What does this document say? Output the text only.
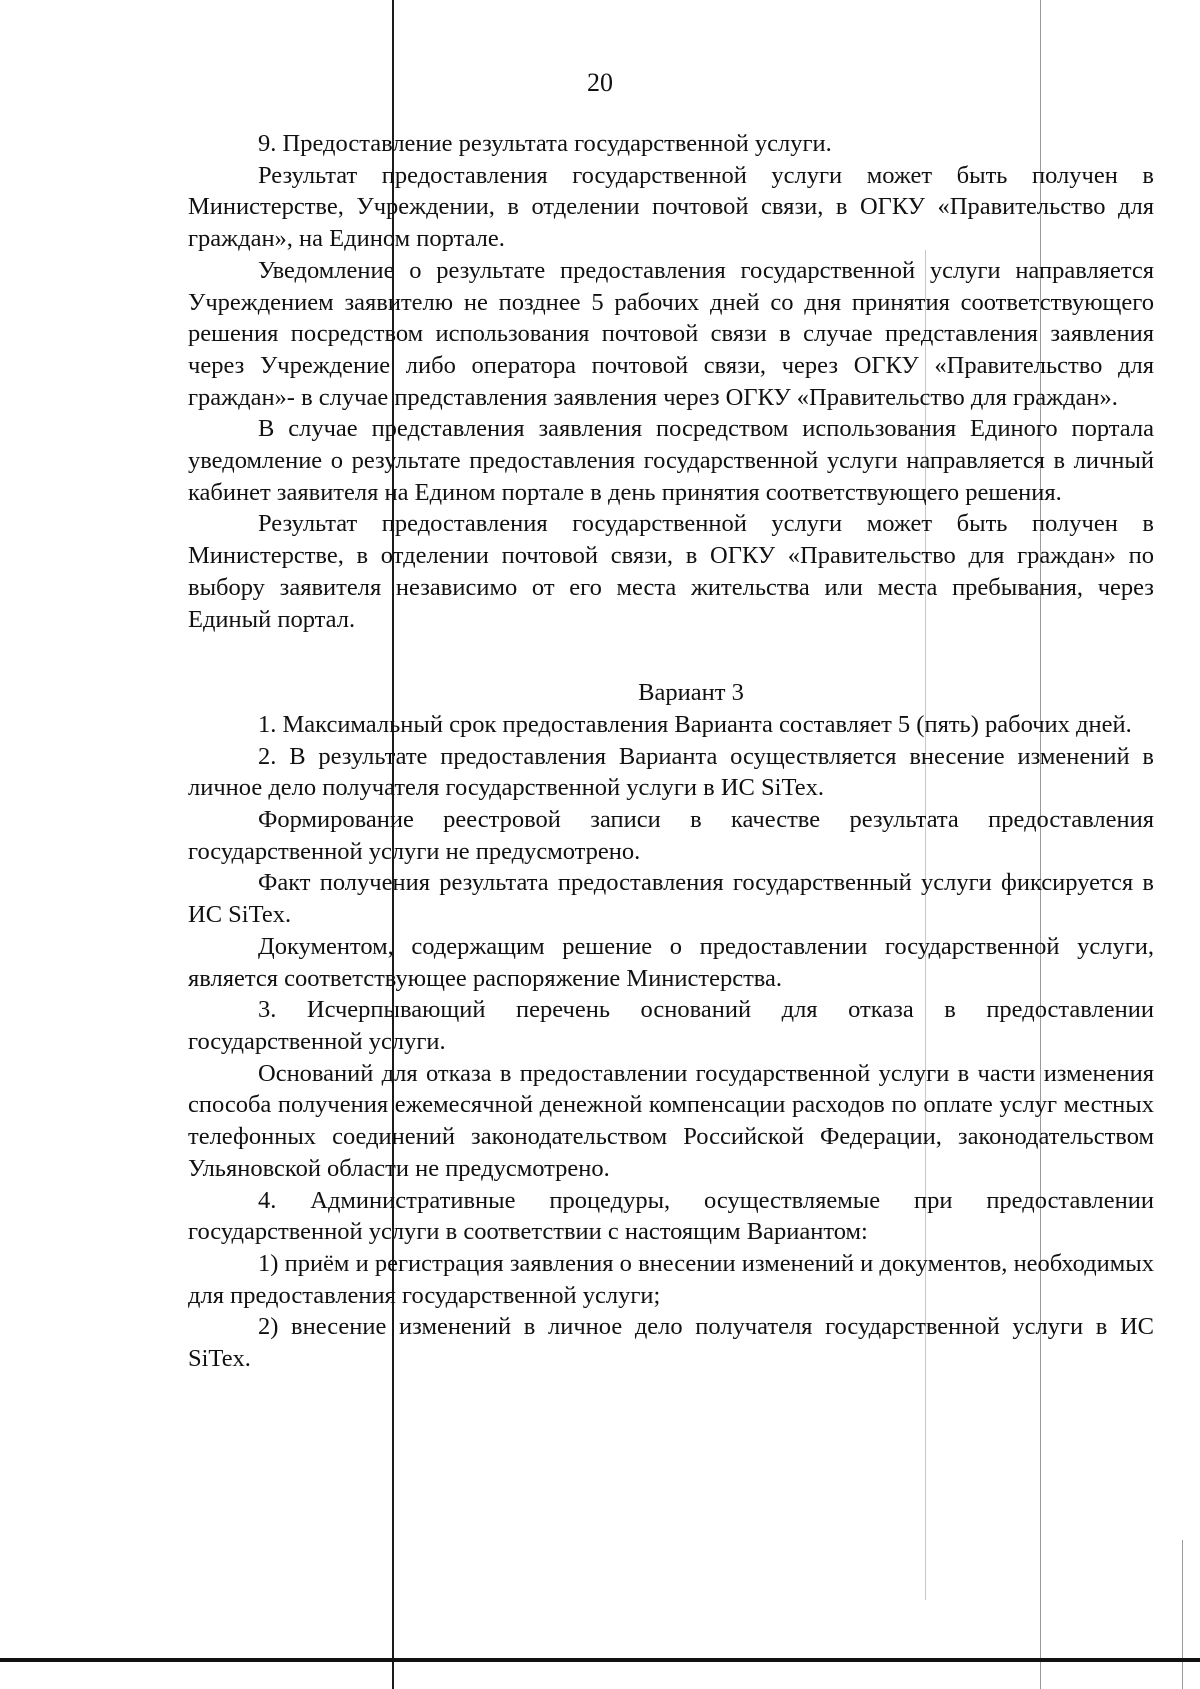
20

9. Предоставление результата государственной услуги.

Результат предоставления государственной услуги может быть получен в Министерстве, Учреждении, в отделении почтовой связи, в ОГКУ «Правительство для граждан», на Едином портале.

Уведомление о результате предоставления государственной услуги направляется Учреждением заявителю не позднее 5 рабочих дней со дня принятия соответствующего решения посредством использования почтовой связи в случае представления заявления через Учреждение либо оператора почтовой связи, через ОГКУ «Правительство для граждан»- в случае представления заявления через ОГКУ «Правительство для граждан».

В случае представления заявления посредством использования Единого портала уведомление о результате предоставления государственной услуги направляется в личный кабинет заявителя на Едином портале в день принятия соответствующего решения.

Результат предоставления государственной услуги может быть получен в Министерстве, в отделении почтовой связи, в ОГКУ «Правительство для граждан» по выбору заявителя независимо от его места жительства или места пребывания, через Единый портал.

Вариант 3

1. Максимальный срок предоставления Варианта составляет 5 (пять) рабочих дней.

2. В результате предоставления Варианта осуществляется внесение изменений в личное дело получателя государственной услуги в ИС SiTex.

Формирование реестровой записи в качестве результата предоставления государственной услуги не предусмотрено.

Факт получения результата предоставления государственный услуги фиксируется в ИС SiTex.

Документом, содержащим решение о предоставлении государственной услуги, является соответствующее распоряжение Министерства.

3. Исчерпывающий перечень оснований для отказа в предоставлении государственной услуги.

Оснований для отказа в предоставлении государственной услуги в части изменения способа получения ежемесячной денежной компенсации расходов по оплате услуг местных телефонных соединений законодательством Российской Федерации, законодательством Ульяновской области не предусмотрено.

4. Административные процедуры, осуществляемые при предоставлении государственной услуги в соответствии с настоящим Вариантом:

1) приём и регистрация заявления о внесении изменений и документов, необходимых для предоставления государственной услуги;

2) внесение изменений в личное дело получателя государственной услуги в ИС SiTex.
